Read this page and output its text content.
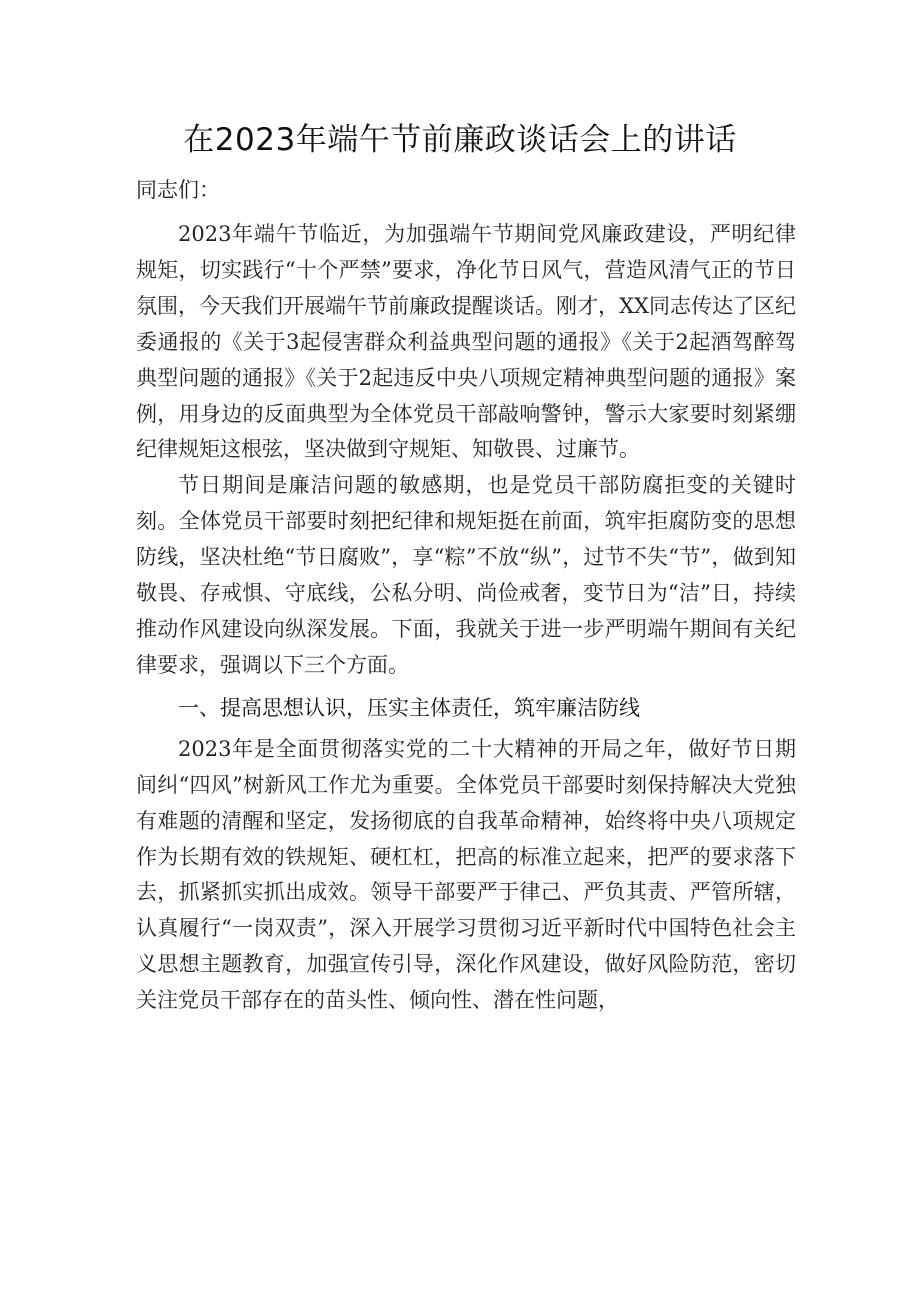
在2023年端午节前廉政谈话会上的讲话
同志们：

2023年端午节临近，为加强端午节期间党风廉政建设，严明纪律规矩，切实践行“十个严禁”要求，净化节日风气，营造风清气正的节日氛围，今天我们开展端午节前廉政提醒谈话。刚才，XX同志传达了区纪委通报的《关于3起侵害群众利益典型问题的通报》《关于2起酒驾醉驾典型问题的通报》《关于2起违反中央八项规定精神典型问题的通报》案例，用身边的反面典型为全体党员干部敲响警钟，警示大家要时刻紧绷纪律规矩这根弦，坚决做到守规矩、知敬畏、过廉节。

节日期间是廉洁问题的敏感期，也是党员干部防腐拒变的关键时刻。全体党员干部要时刻把纪律和规矩挺在前面，筑牢拒腐防变的思想防线，坚决杜绝“节日腐败”，享“粽”不放“纵”，过节不失“节”，做到知敬畏、存戒惧、守底线，公私分明、尚俭戒奢，变节日为“洁”日，持续推动作风建设向纵深发展。下面，我就关于进一步严明端午期间有关纪律要求，强调以下三个方面。

一、提高思想认识，压实主体责任，筑牢廉洁防线

2023年是全面贯彻落实党的二十大精神的开局之年，做好节日期间纠“四风”树新风工作尤为重要。全体党员干部要时刻保持解决大党独有难题的清醒和坚定，发扬彻底的自我革命精神，始终将中央八项规定作为长期有效的铁规矩、硬杠杠，把高的标准立起来，把严的要求落下去，抓紧抓实抓出成效。领导干部要严于律己、严负其责、严管所辖，认真履行“一岗双责”，深入开展学习贯彻习近平新时代中国特色社会主义思想主题教育，加强宣传引导，深化作风建设，做好风险防范，密切关注党员干部存在的苗头性、倾向性、潜在性问题，
